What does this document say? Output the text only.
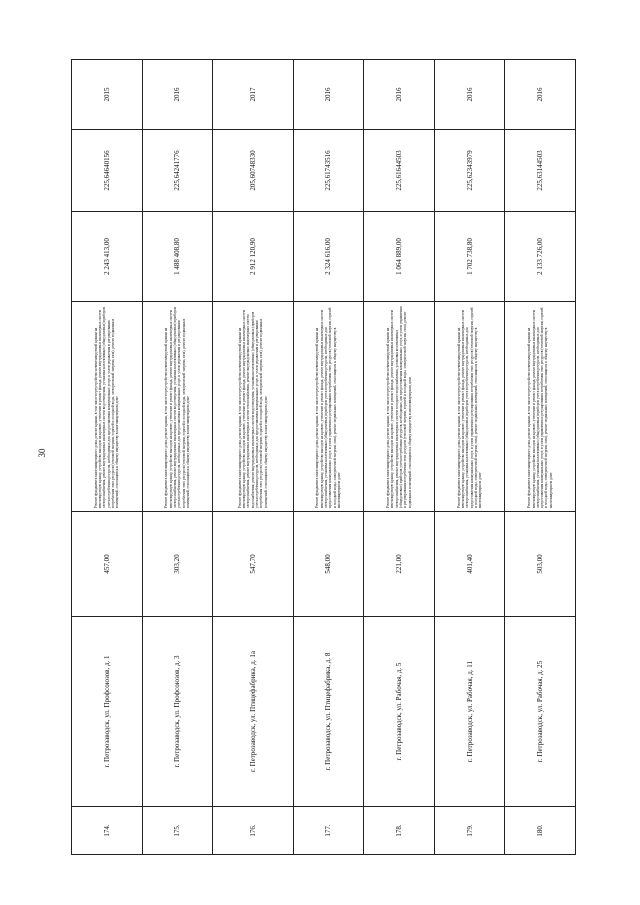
30
174.	г. Петрозаводск, ул. Профсоюзов, д. 1	457,00	Ремонт фундамента многоквартирного дома, ремонт крыши, в том числе переустройство невентилируемой крыши на вентилируемую крышу, устройство выходов на кровлю, утепление и ремонт фасада, ремонт внутридомовых инженерных систем электроснабжения, ремонт внутридомовых инженерных систем водоотведения, установка коллективных (общедомовых) приборов учета потребления ресурсов, необходимых для предоставления коммунальных услуг, и узлов управления и регулирования потребления этих ресурсов (тепловой энергии, горячей и холодной воды, электрической энергии, газа), ремонт подвальных помещений, относящихся к общему имуществу в многоквартирном доме	2 243 413,00	225,64640156	2015
175.	г. Петрозаводск, ул. Профсоюзов, д. 3	303,20	Ремонт фундамента многоквартирного дома, ремонт крыши, в том числе переустройство невентилируемой крыши на вентилируемую крышу, устройство выходов на кровлю, утепление и ремонт фасада, ремонт внутридомовых инженерных систем электроснабжения, ремонт внутридомовых инженерных систем водоотведения, установка коллективных (общедомовых) приборов учета потребления ресурсов, необходимых для предоставления коммунальных услуг, и узлов управления и регулирования потребления этих ресурсов (тепловой энергии, горячей и холодной воды, электрической энергии, газа), ремонт подвальных помещений, относящихся к общему имуществу в многоквартирном доме	1 488 408,80	225,64241776	2016
176.	г. Петрозаводск, ул. Птицефабрика, д. 1а	547,70	Ремонт фундамента многоквартирного дома, ремонт крыши, в том числе переустройство невентилируемой крыши на вентилируемую крышу, устройство выходов на кровлю, утепление и ремонт фасада, ремонт внутридомовых инженерных систем электроснабжения, ремонт внутридомовых инженерных систем теплоснабжения, ремонт внутридомовых инженерных систем водоснабжения, ремонт внутридомовых инженерных систем водоотведения, установка коллективных (общедомовых) приборов учета потребления ресурсов, необходимых для предоставления коммунальных услуг, и узлов управления и регулирования потребления этих ресурсов (тепловой энергии, горячей и холодной воды, электрической энергии, газа), ремонт подвальных помещений, относящихся к общему имуществу в многоквартирном доме	2 912 120,90	205,60748330	2017
177.	г. Петрозаводск, ул. Птицефабрика, д. 8	548,00	Ремонт фундамента многоквартирного дома, ремонт крыши, в том числе переустройство невентилируемой крыши на вентилируемую крышу, устройство выходов на кровлю, утепление и ремонт фасада, ремонт внутридомовых инженерных систем электроснабжения, установка коллективных (общедомовых) приборов учета потребления ресурсов, необходимых для предоставления коммунальных услуг, и узлов управления и регулирования потребления этих ресурсов (тепловой энергии, горячей и холодной воды, электрической энергии, газа), ремонт подвальных помещений, относящихся к общему имуществу в многоквартирном доме	2 324 616,00	225,61743516	2016
178.	г. Петрозаводск, ул. Рабочая, д. 5	221,00	Ремонт фундамента многоквартирного дома, ремонт крыши, в том числе переустройство невентилируемой крыши на вентилируемую крышу, устройство выходов на кровлю, утепление и ремонт фасада, ремонт внутридомовых инженерных систем электроснабжения, ремонт внутридомовых инженерных систем холодного водоснабжения, установка коллективных (общедомовых) приборов учета потребления ресурсов, необходимых для предоставления коммунальных услуг, и узлов управления и регулирования потребления этих ресурсов (тепловой энергии, горячей и холодной воды, электрической энергии, газа), ремонт подвальных помещений, относящихся к общему имуществу в многоквартирном доме	1 064 889,00	225,61644503	2016
179.	г. Петрозаводск, ул. Рабочая, д. 11	401,40	Ремонт фундамента многоквартирного дома, ремонт крыши, в том числе переустройство невентилируемой крыши на вентилируемую крышу, устройство выходов на кровлю, утепление и ремонт фасада, ремонт внутридомовых инженерных систем электроснабжения, установка коллективных (общедомовых) приборов учета потребления ресурсов, необходимых для предоставления коммунальных услуг, и узлов управления и регулирования потребления этих ресурсов (тепловой энергии, горячей и холодной воды, электрической энергии, газа), ремонт подвальных помещений, относящихся к общему имуществу в многоквартирном доме	1 702 738,80	225,62343979	2016
180.	г. Петрозаводск, ул. Рабочая, д. 25	503,00	Ремонт фундамента многоквартирного дома, ремонт крыши, в том числе переустройство невентилируемой крыши на вентилируемую крышу, устройство выходов на кровлю, утепление и ремонт фасада, ремонт внутридомовых инженерных систем электроснабжения, установка коллективных (общедомовых) приборов учета потребления ресурсов, необходимых для предоставления коммунальных услуг, и узлов управления и регулирования потребления этих ресурсов (тепловой энергии, горячей и холодной воды, электрической энергии, газа), ремонт подвальных помещений, относящихся к общему имуществу в многоквартирном доме	2 133 726,00	225,63144503	2016
